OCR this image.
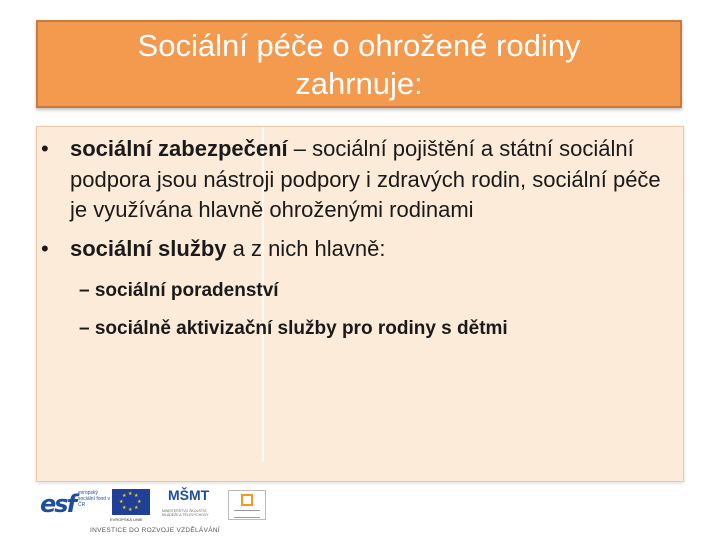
Sociální péče o ohrožené rodiny
zahrnuje:
• sociální zabezpečení – sociální pojištění a státní sociální podpora jsou nástroji podpory i zdravých rodin, sociální péče je využívána hlavně ohroženými rodinami
• sociální služby a z nich hlavně:
– sociální poradenství
– sociálně aktivizační služby pro rodiny s dětmi
esf evropský sociální fond v ČR
★ ★
★
★
★
★
★
★
EVROPSKÁ UNIE
MŠMT
MINISTERSTVO ŠKOLSTVÍ, MLÁDEŽE A TĚLOVÝCHOVY
INVESTICE DO ROZVOJE VZDĚLÁVÁNÍ
